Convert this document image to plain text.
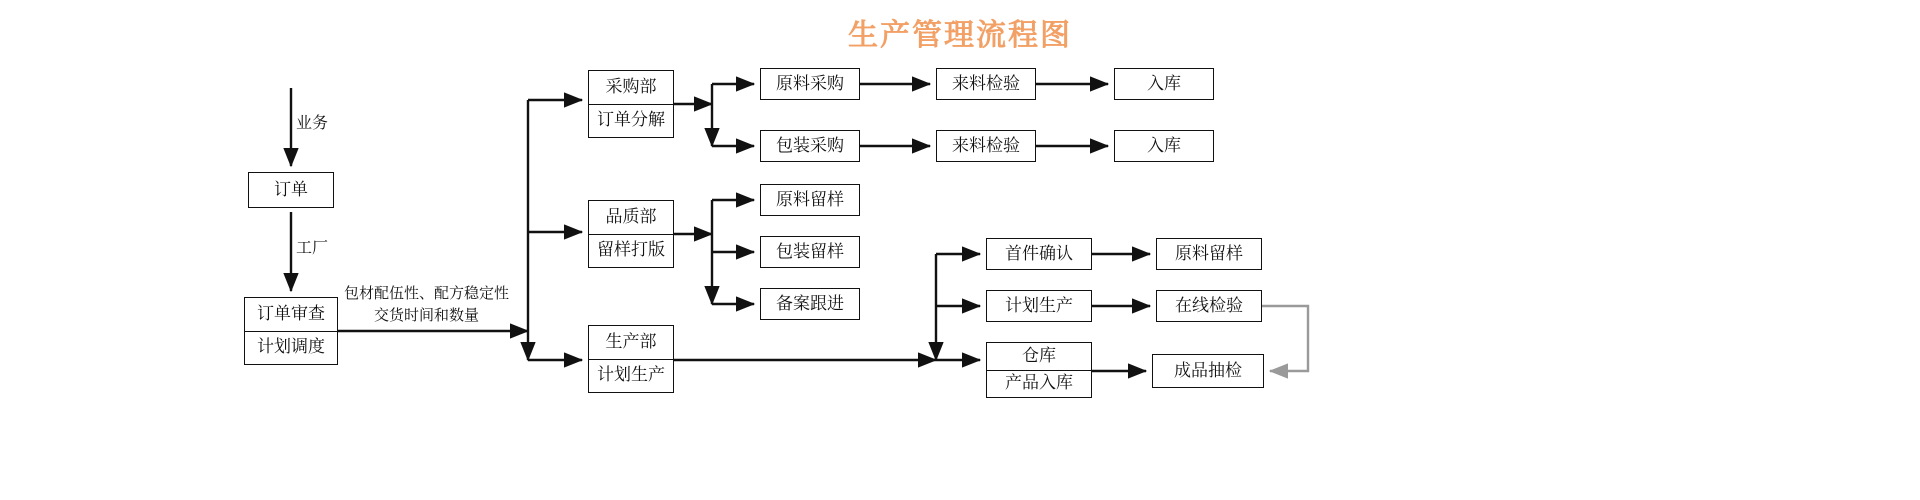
生产管理流程图
业务
工厂
包材配伍性、配方稳定性
交货时间和数量
订单
订单审查
计划调度
采购部
订单分解
品质部
留样打版
生产部
计划生产
原料采购
包装采购
来料检验
来料检验
入库
入库
原料留样
包装留样
备案跟进
首件确认	原料留样
计划生产	在线检验
仓库
产品入库
成品抽检
